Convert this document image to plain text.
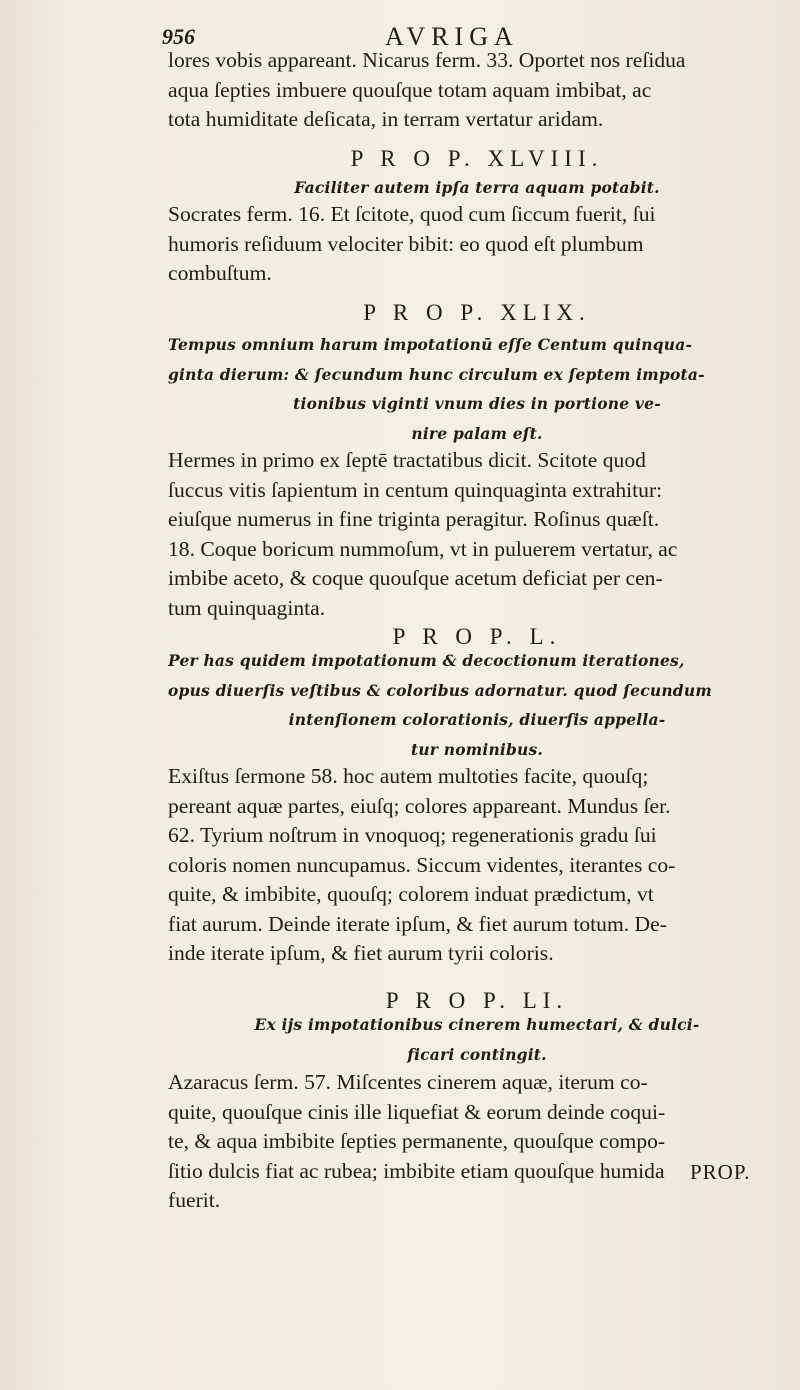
956	AVRIGA
lores vobis appareant. Nicarus ferm. 33. Oportet nos reſidua
aqua ſepties imbuere quouſque totam aquam imbibat, ac
tota humiditate deſicata, in terram vertatur aridam.
P R O P. XLVIII.
Faciliter autem ipſa terra aquam potabit.
Socrates ferm. 16. Et ſcitote, quod cum ſiccum fuerit, ſui
humoris reſiduum velociter bibit: eo quod eſt plumbum
combuſtum.
P R O P. XLIX.
Tempus omnium harum impotationū eſſe Centum quinqua-
ginta dierum: & ſecundum hunc circulum ex ſeptem impota-
tionibus viginti vnum dies in portione ve-
nire palam eſt.
Hermes in primo ex ſeptē tractatibus dicit. Scitote quod
ſuccus vitis ſapientum in centum quinquaginta extrahitur:
eiuſque numerus in fine triginta peragitur. Roſinus quæſt.
18. Coque boricum nummoſum, vt in puluerem vertatur, ac
imbibe aceto, & coque quouſque acetum deficiat per cen-
tum quinquaginta.
P R O P. L.
Per has quidem impotationum & decoctionum iterationes,
opus diuerſis veſtibus & coloribus adornatur. quod ſecundum
intenſionem colorationis, diuerſis appella-
tur nominibus.
Exiſtus ſermone 58. hoc autem multoties facite, quouſq;
pereant aquæ partes, eiuſq; colores appareant. Mundus ſer.
62. Tyrium noſtrum in vnoquoq; regenerationis gradu ſui
coloris nomen nuncupamus. Siccum videntes, iterantes co-
quite, & imbibite, quouſq; colorem induat prædictum, vt
fiat aurum. Deinde iterate ipſum, & fiet aurum totum. De-
inde iterate ipſum, & fiet aurum tyrii coloris.
P R O P. LI.
Ex ijs impotationibus cinerem humectari, & dulci-
ficari contingit.
Azaracus ſerm. 57. Miſcentes cinerem aquæ, iterum co-
quite, quouſque cinis ille liquefiat & eorum deinde coqui-
te, & aqua imbibite ſepties permanente, quouſque compo-
ſitio dulcis fiat ac rubea; imbibite etiam quouſque humida
fuerit.
PROP.
